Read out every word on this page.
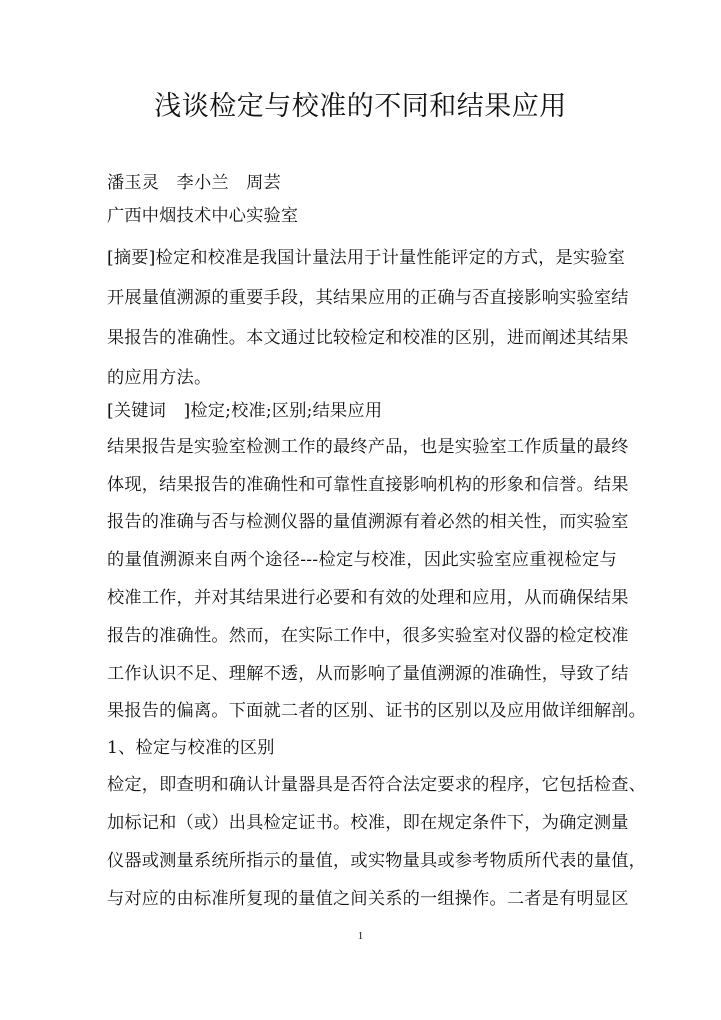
浅谈检定与校准的不同和结果应用
潘玉灵　李小兰　周芸
广西中烟技术中心实验室
[摘要]检定和校准是我国计量法用于计量性能评定的方式，是实验室
开展量值溯源的重要手段，其结果应用的正确与否直接影响实验室结
果报告的准确性。本文通过比较检定和校准的区别，进而阐述其结果
的应用方法。
[关键词　]检定;校准;区别;结果应用
结果报告是实验室检测工作的最终产品，也是实验室工作质量的最终
体现，结果报告的准确性和可靠性直接影响机构的形象和信誉。结果
报告的准确与否与检测仪器的量值溯源有着必然的相关性，而实验室
的量值溯源来自两个途径---检定与校准，因此实验室应重视检定与
校准工作，并对其结果进行必要和有效的处理和应用，从而确保结果
报告的准确性。然而，在实际工作中，很多实验室对仪器的检定校准
工作认识不足、理解不透，从而影响了量值溯源的准确性，导致了结
果报告的偏离。下面就二者的区别、证书的区别以及应用做详细解剖。
1、检定与校准的区别
检定，即查明和确认计量器具是否符合法定要求的程序，它包括检查、
加标记和（或）出具检定证书。校准，即在规定条件下，为确定测量
仪器或测量系统所指示的量值，或实物量具或参考物质所代表的量值，
与对应的由标准所复现的量值之间关系的一组操作。二者是有明显区
1
